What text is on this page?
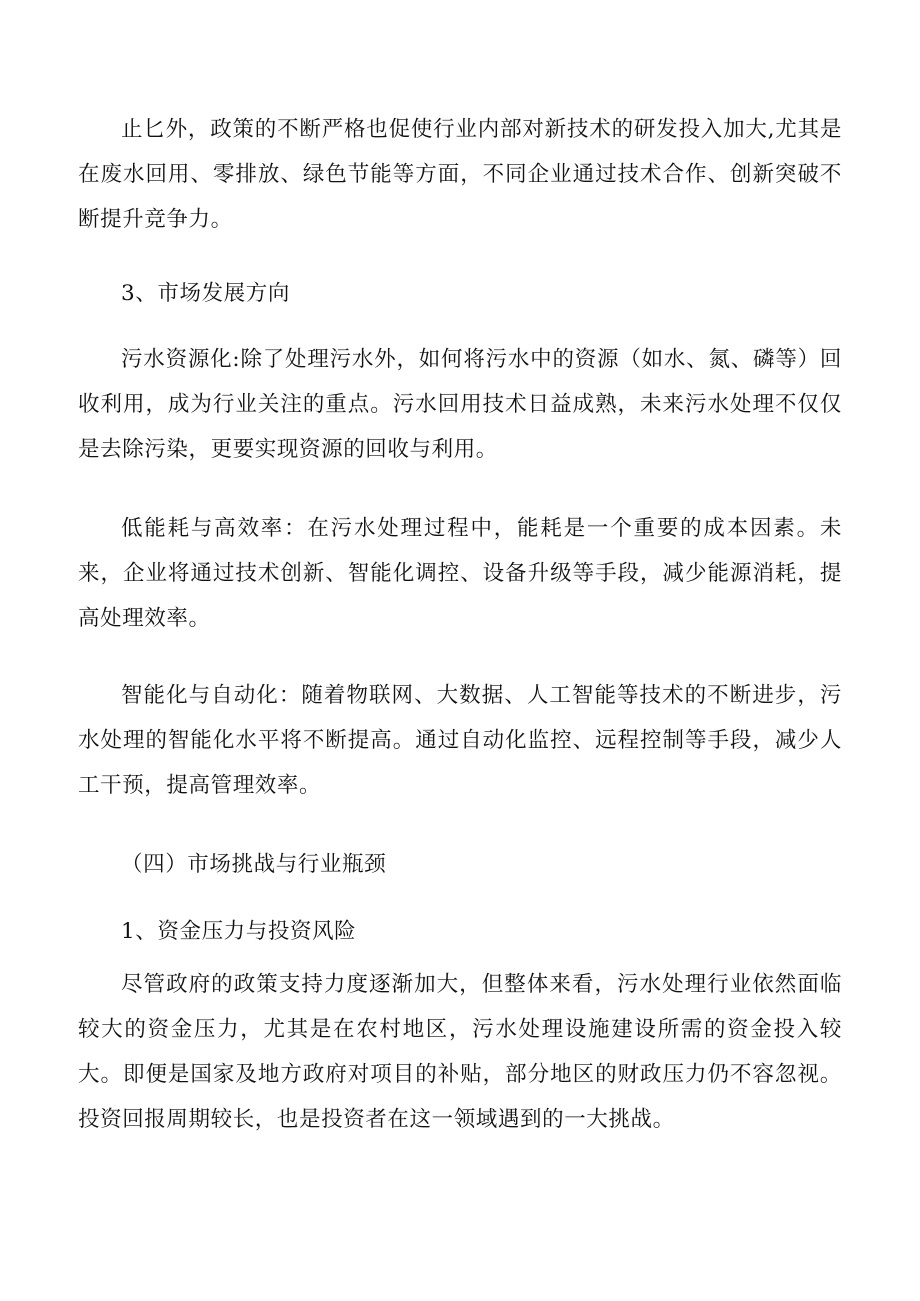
止匕外，政策的不断严格也促使行业内部对新技术的研发投入加大,尤其是在废水回用、零排放、绿色节能等方面，不同企业通过技术合作、创新突破不断提升竞争力。

3、市场发展方向

污水资源化:除了处理污水外，如何将污水中的资源（如水、氮、磷等）回收利用，成为行业关注的重点。污水回用技术日益成熟，未来污水处理不仅仅是去除污染，更要实现资源的回收与利用。

低能耗与高效率：在污水处理过程中，能耗是一个重要的成本因素。未来，企业将通过技术创新、智能化调控、设备升级等手段，减少能源消耗，提高处理效率。

智能化与自动化：随着物联网、大数据、人工智能等技术的不断进步，污水处理的智能化水平将不断提高。通过自动化监控、远程控制等手段，减少人工干预，提高管理效率。

（四）市场挑战与行业瓶颈

1、资金压力与投资风险

尽管政府的政策支持力度逐渐加大，但整体来看，污水处理行业依然面临较大的资金压力，尤其是在农村地区，污水处理设施建设所需的资金投入较大。即便是国家及地方政府对项目的补贴，部分地区的财政压力仍不容忽视。投资回报周期较长，也是投资者在这一领域遇到的一大挑战。
